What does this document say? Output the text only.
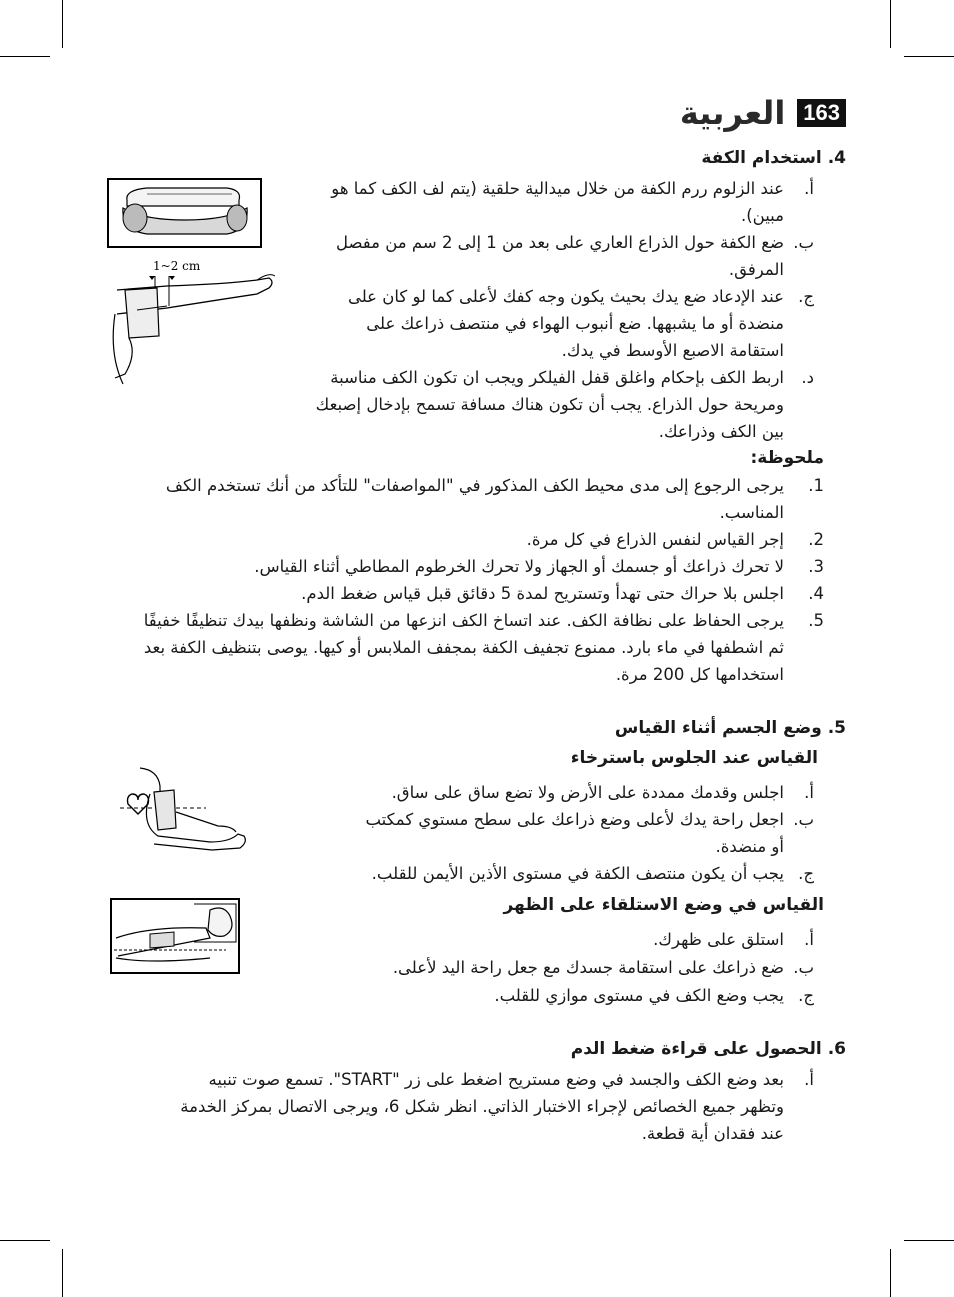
163
العربية
4. استخدام الكفة
أ.
عند الزلوم ررم الكفة من خلال ميدالية حلقية (يتم لف الكف كما هو
مبين).
ب.
ضع الكفة حول الذراع العاري على بعد من 1 إلى 2 سم من مفصل
المرفق.
ج.
عند الإدعاد ضع يدك بحيث يكون وجه كفك لأعلى كما لو كان على
منضدة أو ما يشبهها. ضع أنبوب الهواء في منتصف ذراعك على
استقامة الاصبع الأوسط في يدك.
د.
اربط الكف بإحكام واغلق قفل الفيلكر ويجب ان تكون الكف مناسبة
ومريحة حول الذراع. يجب أن تكون هناك مسافة تسمح بإدخال إصبعك
بين الكف وذراعك.
1~2 cm
ملحوظة:
1.
يرجى الرجوع إلى مدى محيط الكف المذكور في "المواصفات" للتأكد من أنك تستخدم الكف
المناسب.
2.
إجر القياس لنفس الذراع في كل مرة.
3.
لا تحرك ذراعك أو جسمك أو الجهاز ولا تحرك الخرطوم المطاطي أثناء القياس.
4.
اجلس بلا حراك حتى تهدأ وتستريح لمدة 5 دقائق قبل قياس ضغط الدم.
5.
يرجى الحفاظ على نظافة الكف. عند اتساخ الكف انزعها من الشاشة ونظفها بيدك تنظيفًا خفيفًا
ثم اشطفها في ماء بارد. ممنوع تجفيف الكفة بمجفف الملابس أو كيها. يوصى بتنظيف الكفة بعد
استخدامها كل 200 مرة.
5. وضع الجسم أثناء القياس
القياس عند الجلوس باسترخاء
أ.
اجلس وقدمك ممددة على الأرض ولا تضع ساق على ساق.
ب.
اجعل راحة يدك لأعلى وضع ذراعك على سطح مستوي كمكتب
أو منضدة.
ج.
يجب أن يكون منتصف الكفة في مستوى الأذين الأيمن للقلب.
القياس في وضع الاستلقاء على الظهر
أ.
استلق على ظهرك.
ب.
ضع ذراعك على استقامة جسدك مع جعل راحة اليد لأعلى.
ج.
يجب وضع الكف في مستوى موازي للقلب.
6. الحصول على قراءة ضغط الدم
أ.
بعد وضع الكف والجسد في وضع مستريح اضغط على زر "START". تسمع صوت تنبيه
وتظهر جميع الخصائص لإجراء الاختبار الذاتي. انظر شكل 6، ويرجى الاتصال بمركز الخدمة
عند فقدان أية قطعة.
